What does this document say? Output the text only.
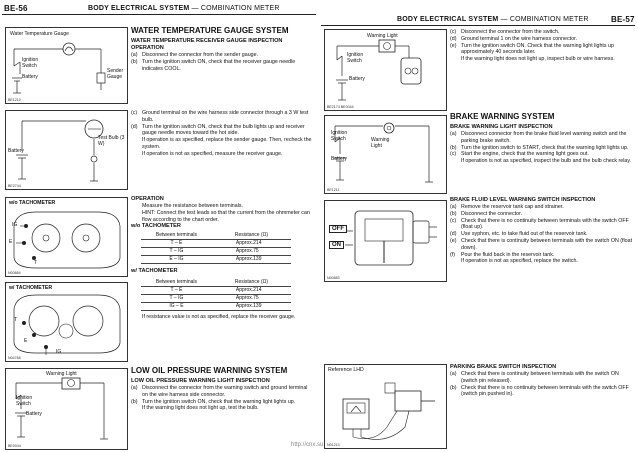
BE-56	BODY ELECTRICAL SYSTEM — COMBINATION METER
Water Temperature Gauge
Ignition Switch
Battery
Sender Gauge
BE1210
Test Bulb (3 W)
Battery
BE2744
w/o TACHOMETER
IG
E
T
N00884
w/ TACHOMETER
T
E
IG
N04768
Warning Light
Ignition Switch
Battery
BE0044
WATER TEMPERATURE GAUGE SYSTEM
WATER TEMPERATURE RECEIVER GAUGE INSPECTION
OPERATION
(a) Disconnect the connector from the sender gauge.
(b) Turn the ignition switch ON, check that the receiver gauge needle indicates COOL.
(c) Ground terminal on the wire harness side connector through a 3 W test bulb.
(d) Turn the ignition switch ON, check that the bulb lights up and receiver gauge needle moves toward the hot side.
If operation is as specified, replace the sender gauge. Then, recheck the system.
If operation is not as specified, measure the receiver gauge.
OPERATION
Measure the resistance between terminals.
HINT: Connect the test leads so that the current from the ohmmeter can flow according to the chart order.
w/o TACHOMETER
Between terminals	Resistance (Ω)
T – E	Approx.214
T – IG	Approx.75
E – IG	Approx.139
w/ TACHOMETER
Between terminals	Resistance (Ω)
T – E	Approx.214
T – IG	Approx.75
IG – E	Approx.139
If resistance value is not as specified, replace the receiver gauge.
LOW OIL PRESSURE WARNING SYSTEM
LOW OIL PRESSURE WARNING LIGHT INSPECTION
(a) Disconnect the connector from the warning switch and ground terminal on the wire harness side connector.
(b) Turn the ignition switch ON, check that the warning light lights up.
If the warning light does not light up, test the bulb.
BODY ELECTRICAL SYSTEM — COMBINATION METER	BE-57
Warning Light
Ignition Switch
Battery
BE2174 BE0044
Ignition Switch	Warning Light
Battery
BE1211
OFF
ON
N00883
Reference LHD
N01213
(c) Disconnect the connector from the switch.
(d) Ground terminal 1 on the wire harness connector.
(e) Turn the ignition switch ON. Check that the warning light lights up approximately 40 seconds later.
If the warning light does not light up, inspect bulb or wire harness.
BRAKE WARNING SYSTEM
BRAKE WARNING LIGHT INSPECTION
(a) Disconnect connector from the brake fluid level warning switch and the parking brake switch.
(b) Turn the ignition switch to START, check that the warning light lights up.
(c) Start the engine, check that the warning light goes out.
If operation is not as specified, inspect the bulb and the bulb check relay.
BRAKE FLUID LEVEL WARNING SWITCH INSPECTION
(a) Remove the reservoir tank cap and strainer.
(b) Disconnect the connector.
(c) Check that there is no continuity between terminals with the switch OFF (float up).
(d) Use syphon, etc. to take fluid out of the reservoir tank.
(e) Check that there is continuity between terminals with the switch ON (float down).
(f) Pour the fluid back in the reservoir tank.
If operation is not as specified, replace the switch.
PARKING BRAKE SWITCH INSPECTION
(a) Check that there is continuity between terminals with the switch ON (switch pin released).
(b) Check that there is no continuity between terminals with the switch OFF (switch pin pushed in).
http://cnx.su
